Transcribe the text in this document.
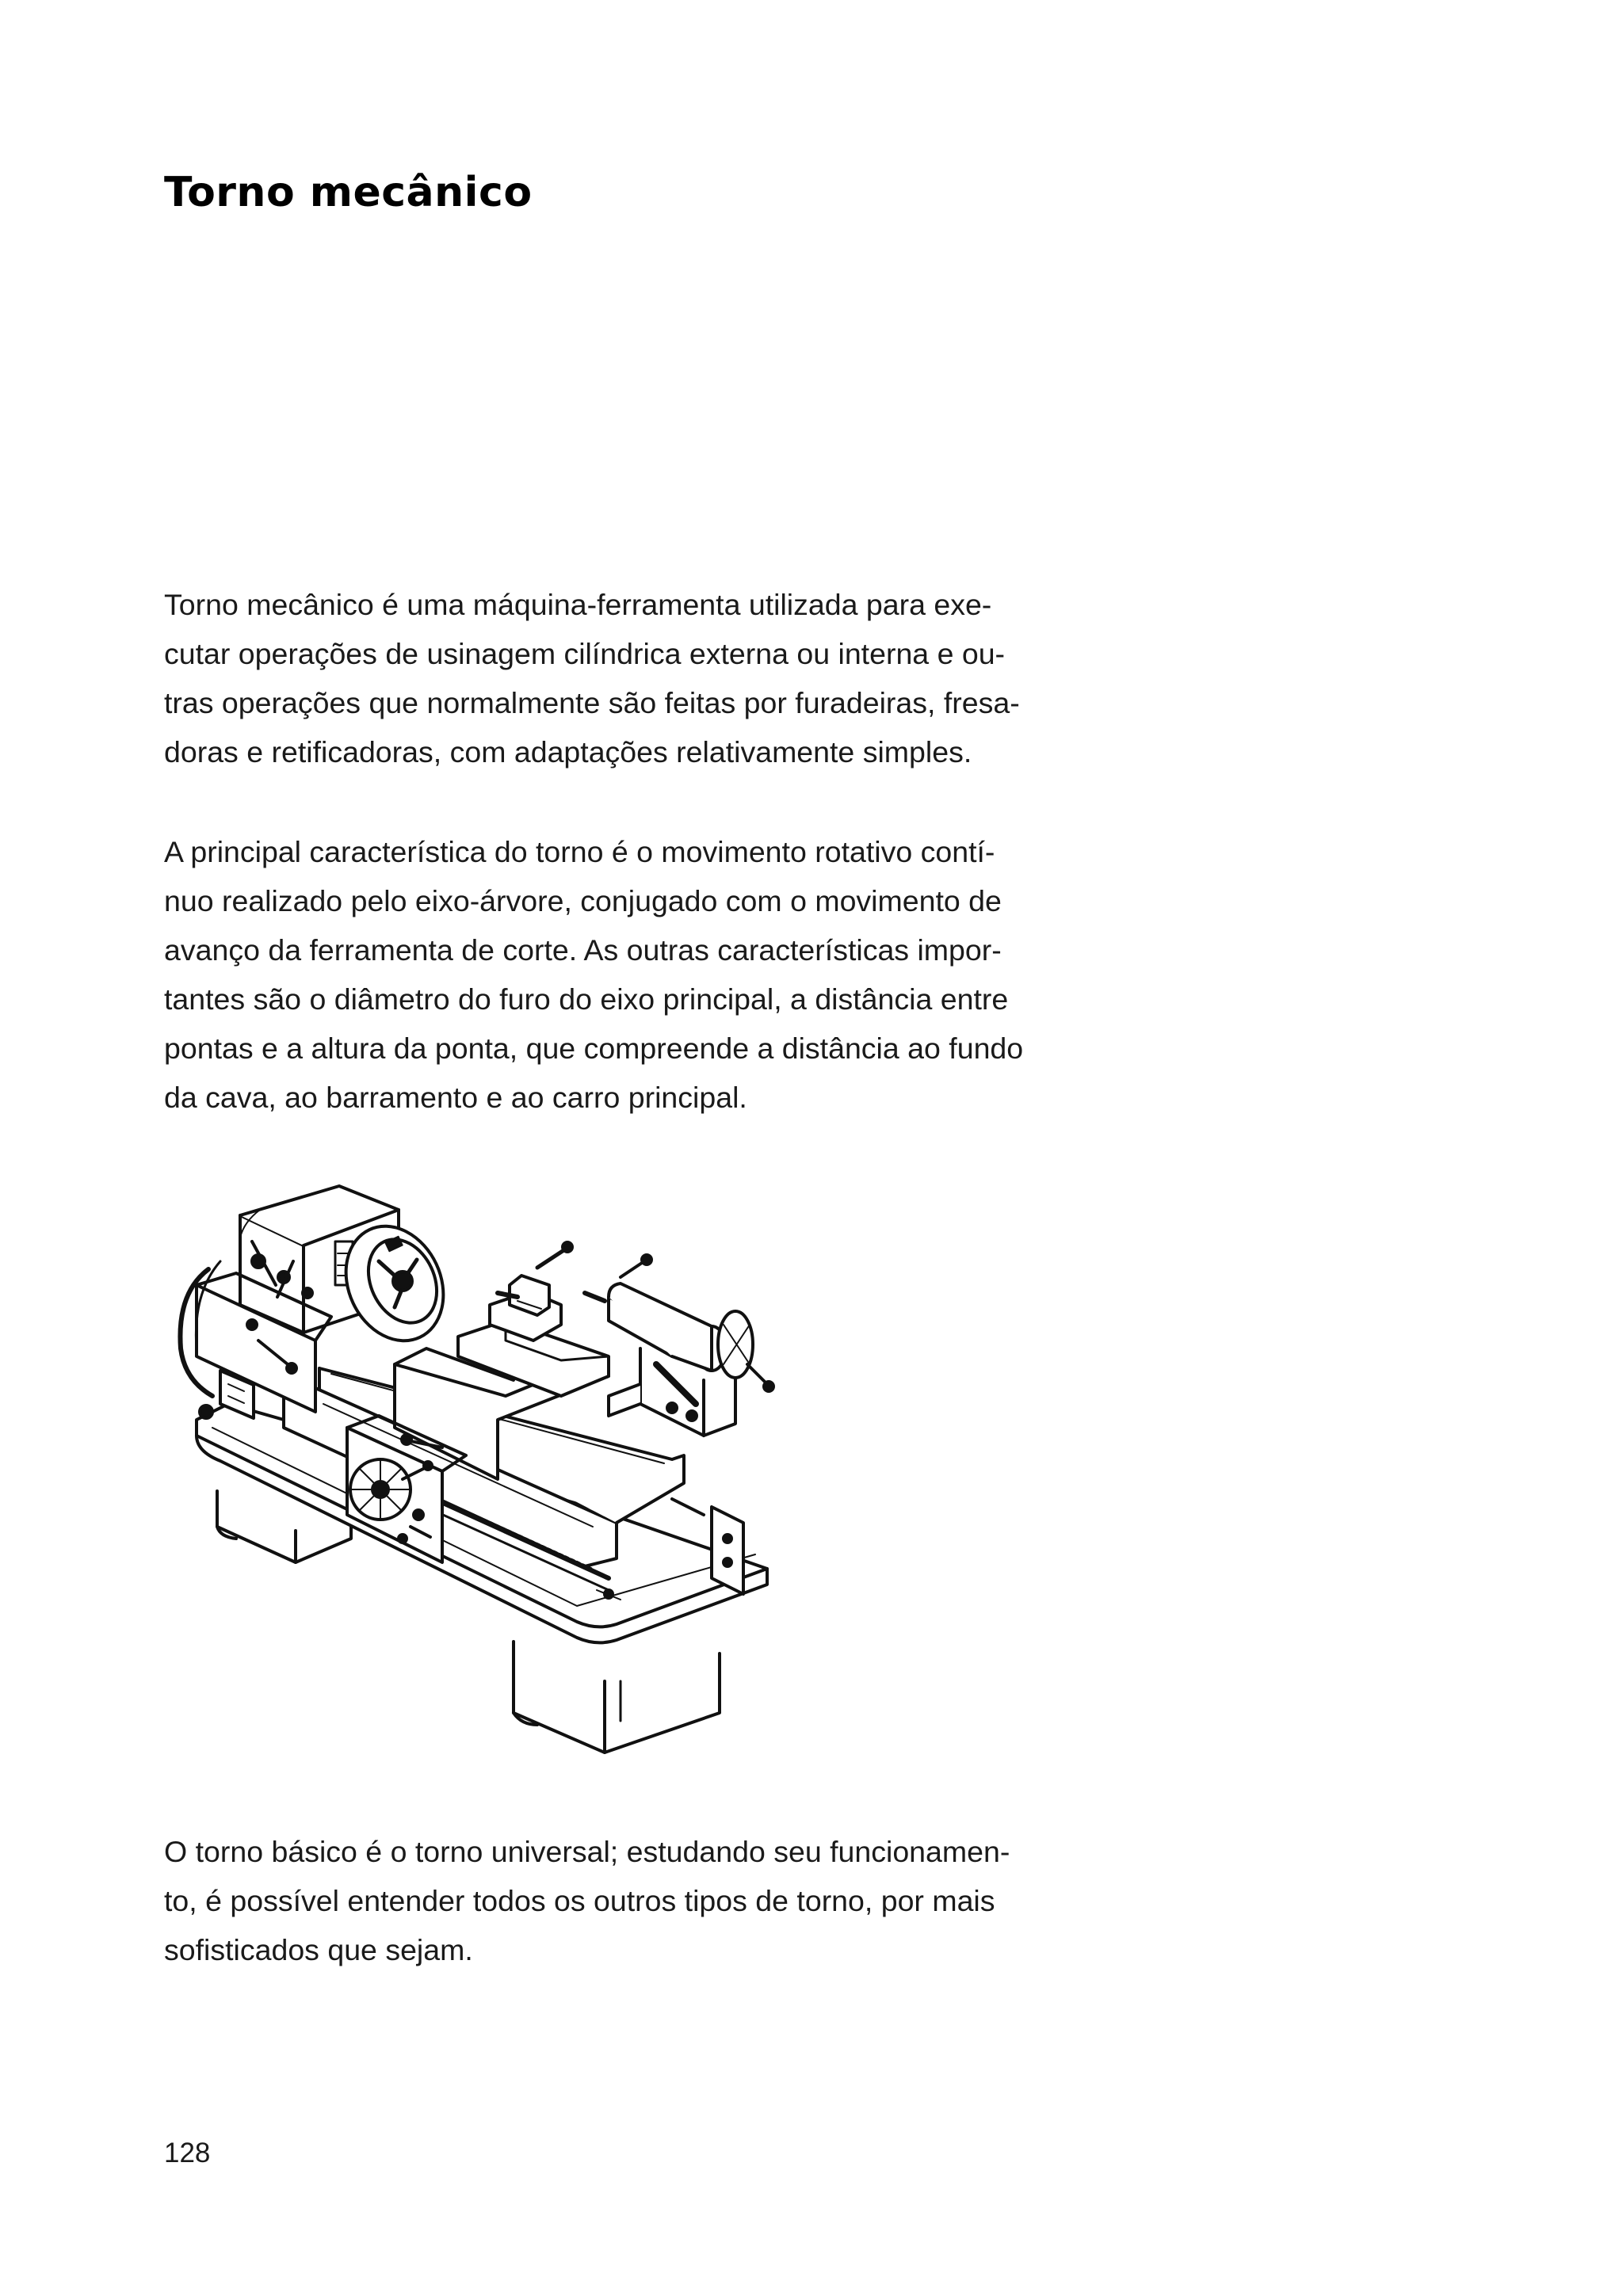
Torno mecânico

Torno mecânico é uma máquina-ferramenta utilizada para exe-
cutar operações de usinagem cilíndrica externa ou interna e ou-
tras operações que normalmente são feitas por furadeiras, fresa-
doras e retificadoras, com adaptações relativamente simples.

A principal característica do torno é o movimento rotativo contí-
nuo realizado pelo eixo-árvore, conjugado com o movimento de
avanço da ferramenta de corte. As outras características impor-
tantes são o diâmetro do furo do eixo principal, a distância entre
pontas e a altura da ponta, que compreende a distância ao fundo
da cava, ao barramento e ao carro principal.

O torno básico é o torno universal; estudando seu funcionamen-
to, é possível entender todos os outros tipos de torno, por mais
sofisticados que sejam.

128
